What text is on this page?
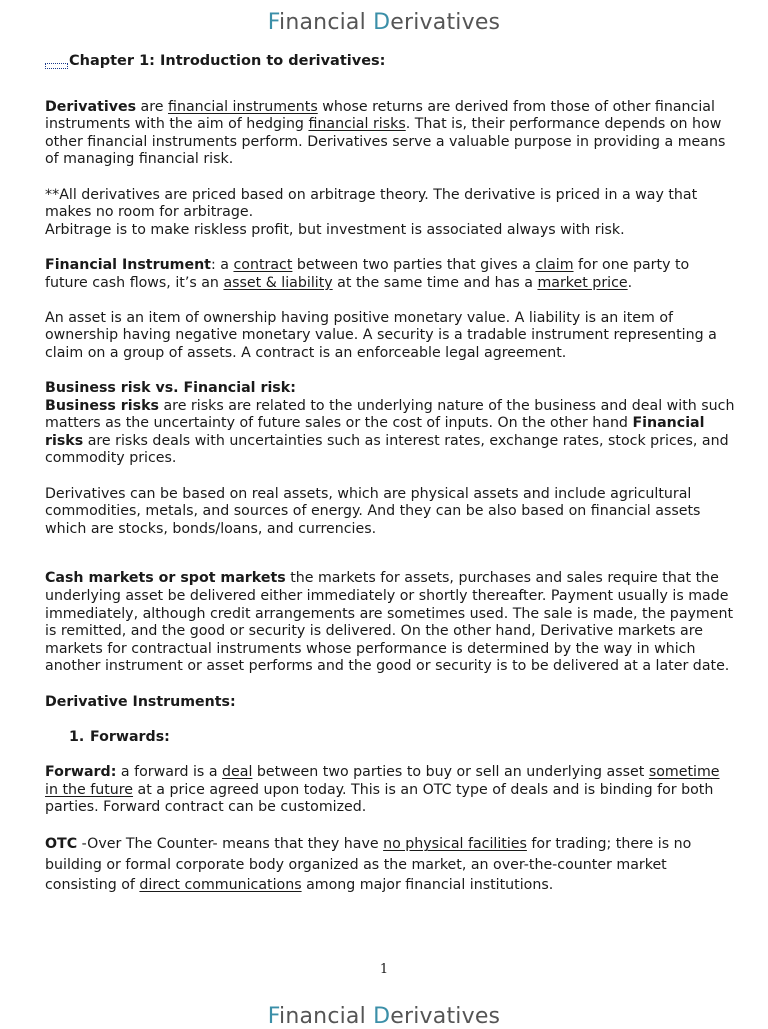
Financial Derivatives

Chapter 1: Introduction to derivatives:

Derivatives are financial instruments whose returns are derived from those of other financial instruments with the aim of hedging financial risks. That is, their performance depends on how other financial instruments perform. Derivatives serve a valuable purpose in providing a means of managing financial risk.

**All derivatives are priced based on arbitrage theory. The derivative is priced in a way that makes no room for arbitrage.
Arbitrage is to make riskless profit, but investment is associated always with risk.

Financial Instrument: a contract between two parties that gives a claim for one party to future cash flows, it’s an asset & liability at the same time and has a market price.

An asset is an item of ownership having positive monetary value. A liability is an item of ownership having negative monetary value. A security is a tradable instrument representing a claim on a group of assets. A contract is an enforceable legal agreement.

Business risk vs. Financial risk:
Business risks are risks are related to the underlying nature of the business and deal with such matters as the uncertainty of future sales or the cost of inputs. On the other hand Financial risks are risks deals with uncertainties such as interest rates, exchange rates, stock prices, and commodity prices.

Derivatives can be based on real assets, which are physical assets and include agricultural commodities, metals, and sources of energy. And they can be also based on financial assets which are stocks, bonds/loans, and currencies.

Cash markets or spot markets the markets for assets, purchases and sales require that the underlying asset be delivered either immediately or shortly thereafter. Payment usually is made immediately, although credit arrangements are sometimes used. The sale is made, the payment is remitted, and the good or security is delivered. On the other hand, Derivative markets are markets for contractual instruments whose performance is determined by the way in which another instrument or asset performs and the good or security is to be delivered at a later date.

Derivative Instruments:

1. Forwards:

Forward: a forward is a deal between two parties to buy or sell an underlying asset sometime in the future at a price agreed upon today. This is an OTC type of deals and is binding for both parties. Forward contract can be customized.

OTC -Over The Counter- means that they have no physical facilities for trading; there is no building or formal corporate body organized as the market, an over-the-counter market consisting of direct communications among major financial institutions.

1
Financial Derivatives
